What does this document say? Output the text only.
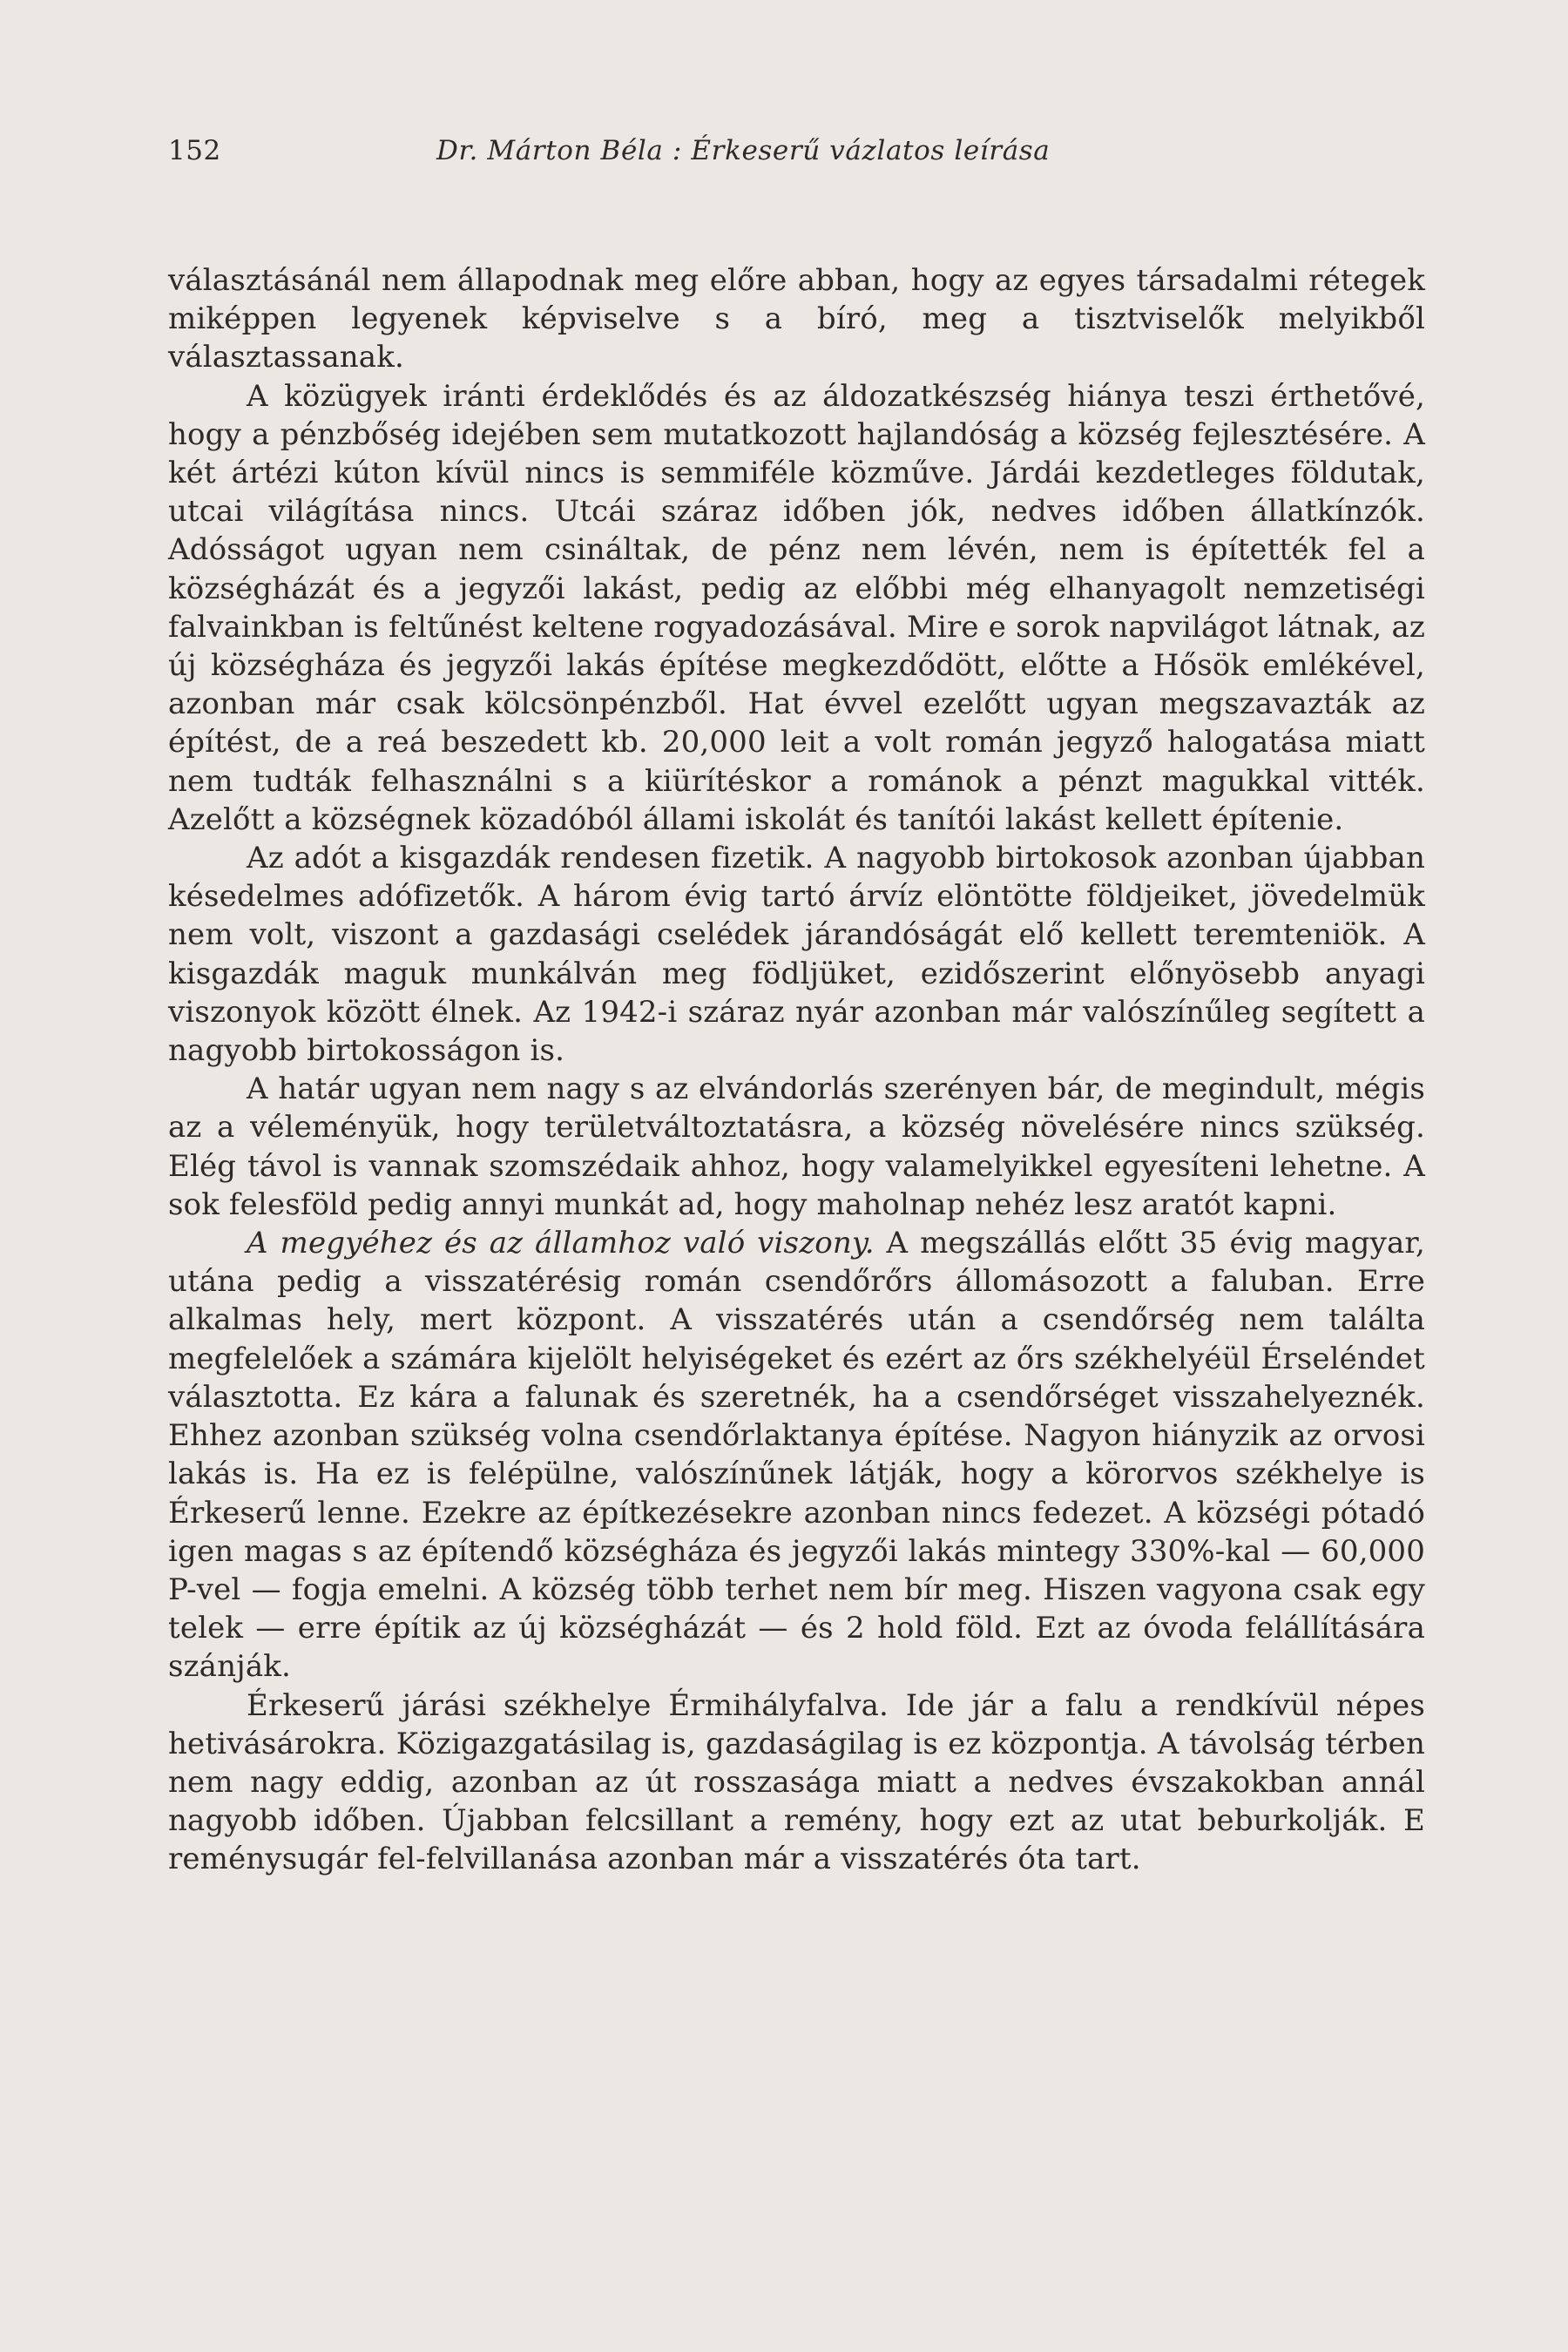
152	Dr. Márton Béla : Érkeserű vázlatos leírása

választásánál nem állapodnak meg előre abban, hogy az egyes társadalmi rétegek miképpen legyenek képviselve s a bíró, meg a tisztviselők melyikből választassanak.

A közügyek iránti érdeklődés és az áldozatkészség hiánya teszi érthetővé, hogy a pénzbőség idejében sem mutatkozott hajlandóság a község fejlesztésére. A két ártézi kúton kívül nincs is semmiféle közműve. Járdái kezdetleges földutak, utcai világítása nincs. Utcái száraz időben jók, nedves időben állatkínzók. Adósságot ugyan nem csináltak, de pénz nem lévén, nem is építették fel a községházát és a jegyzői lakást, pedig az előbbi még elhanyagolt nemzetiségi falvainkban is feltűnést keltene rogyadozásával. Mire e sorok napvilágot látnak, az új községháza és jegyzői lakás építése megkezdődött, előtte a Hősök emlékével, azonban már csak kölcsönpénzből. Hat évvel ezelőtt ugyan megszavazták az építést, de a reá beszedett kb. 20,000 leit a volt román jegyző halogatása miatt nem tudták felhasználni s a kiürítéskor a románok a pénzt magukkal vitték. Azelőtt a községnek közadóból állami iskolát és tanítói lakást kellett építenie.

Az adót a kisgazdák rendesen fizetik. A nagyobb birtokosok azonban újabban késedelmes adófizetők. A három évig tartó árvíz elöntötte földjeiket, jövedelmük nem volt, viszont a gazdasági cselédek járandóságát elő kellett teremteniök. A kisgazdák maguk munkálván meg födljüket, ezidőszerint előnyösebb anyagi viszonyok között élnek. Az 1942-i száraz nyár azonban már valószínűleg segített a nagyobb birtokosságon is.

A határ ugyan nem nagy s az elvándorlás szerényen bár, de megindult, mégis az a véleményük, hogy területváltoztatásra, a község növelésére nincs szükség. Elég távol is vannak szomszédaik ahhoz, hogy valamelyikkel egyesíteni lehetne. A sok felesföld pedig annyi munkát ad, hogy maholnap nehéz lesz aratót kapni.

A megyéhez és az államhoz való viszony. A megszállás előtt 35 évig magyar, utána pedig a visszatérésig román csendőrőrs állomásozott a faluban. Erre alkalmas hely, mert központ. A visszatérés után a csendőrség nem találta megfelelőek a számára kijelölt helyiségeket és ezért az őrs székhelyéül Érseléndet választotta. Ez kára a falunak és szeretnék, ha a csendőrséget visszahelyeznék. Ehhez azonban szükség volna csendőrlaktanya építése. Nagyon hiányzik az orvosi lakás is. Ha ez is felépülne, valószínűnek látják, hogy a körorvos székhelye is Érkeserű lenne. Ezekre az építkezésekre azonban nincs fedezet. A községi pótadó igen magas s az építendő községháza és jegyzői lakás mintegy 330%-kal — 60,000 P-vel — fogja emelni. A község több terhet nem bír meg. Hiszen vagyona csak egy telek — erre építik az új községházát — és 2 hold föld. Ezt az óvoda felállítására szánják.

Érkeserű járási székhelye Érmihályfalva. Ide jár a falu a rendkívül népes hetivásárokra. Közigazgatásilag is, gazdaságilag is ez központja. A távolság térben nem nagy eddig, azonban az út rosszasága miatt a nedves évszakokban annál nagyobb időben. Újabban felcsillant a remény, hogy ezt az utat beburkolják. E reménysugár fel-felvillanása azonban már a visszatérés óta tart.
